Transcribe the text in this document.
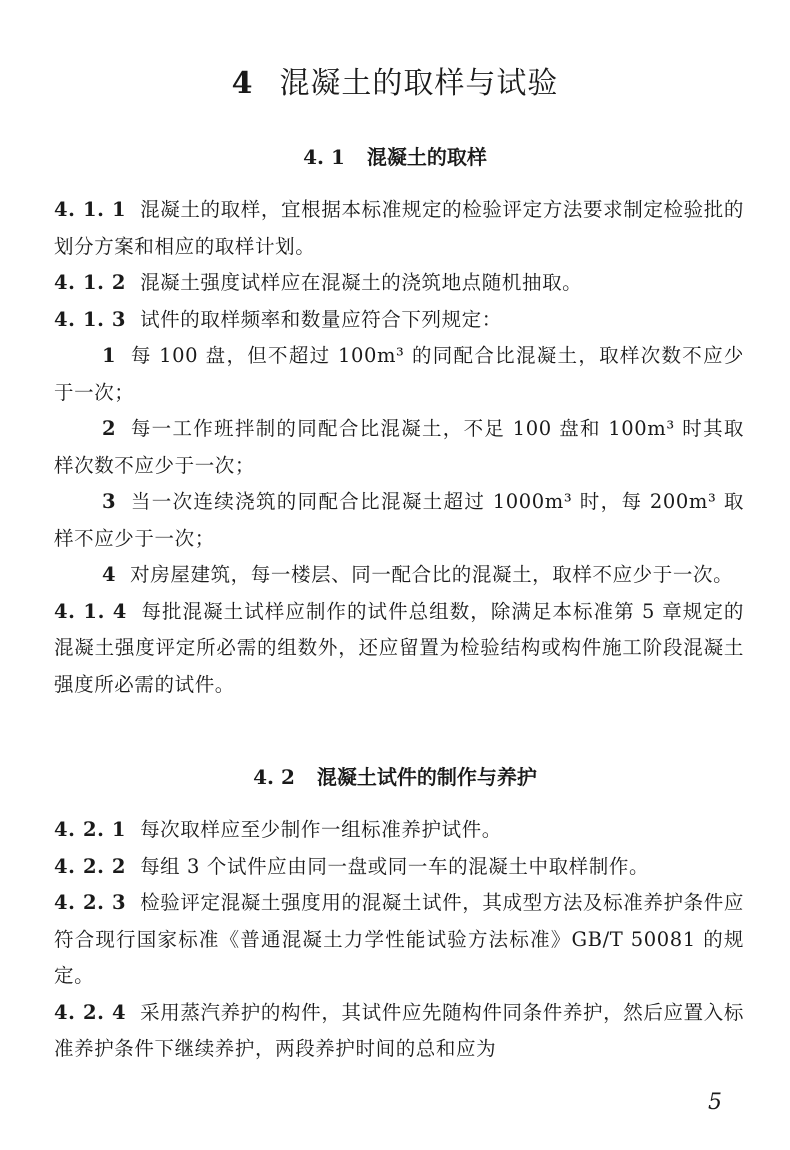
4 混凝土的取样与试验
4. 1 混凝土的取样

4. 1. 1 混凝土的取样，宜根据本标准规定的检验评定方法要求制定检验批的划分方案和相应的取样计划。

4. 1. 2 混凝土强度试样应在混凝土的浇筑地点随机抽取。

4. 1. 3 试件的取样频率和数量应符合下列规定：

1 每 100 盘，但不超过 100m³ 的同配合比混凝土，取样次数不应少于一次；

2 每一工作班拌制的同配合比混凝土，不足 100 盘和 100m³ 时其取样次数不应少于一次；

3 当一次连续浇筑的同配合比混凝土超过 1000m³ 时，每 200m³ 取样不应少于一次；

4 对房屋建筑，每一楼层、同一配合比的混凝土，取样不应少于一次。

4. 1. 4 每批混凝土试样应制作的试件总组数，除满足本标准第 5 章规定的混凝土强度评定所必需的组数外，还应留置为检验结构或构件施工阶段混凝土强度所必需的试件。

4. 2 混凝土试件的制作与养护

4. 2. 1 每次取样应至少制作一组标准养护试件。

4. 2. 2 每组 3 个试件应由同一盘或同一车的混凝土中取样制作。

4. 2. 3 检验评定混凝土强度用的混凝土试件，其成型方法及标准养护条件应符合现行国家标准《普通混凝土力学性能试验方法标准》GB/T 50081 的规定。

4. 2. 4 采用蒸汽养护的构件，其试件应先随构件同条件养护，然后应置入标准养护条件下继续养护，两段养护时间的总和应为

5
